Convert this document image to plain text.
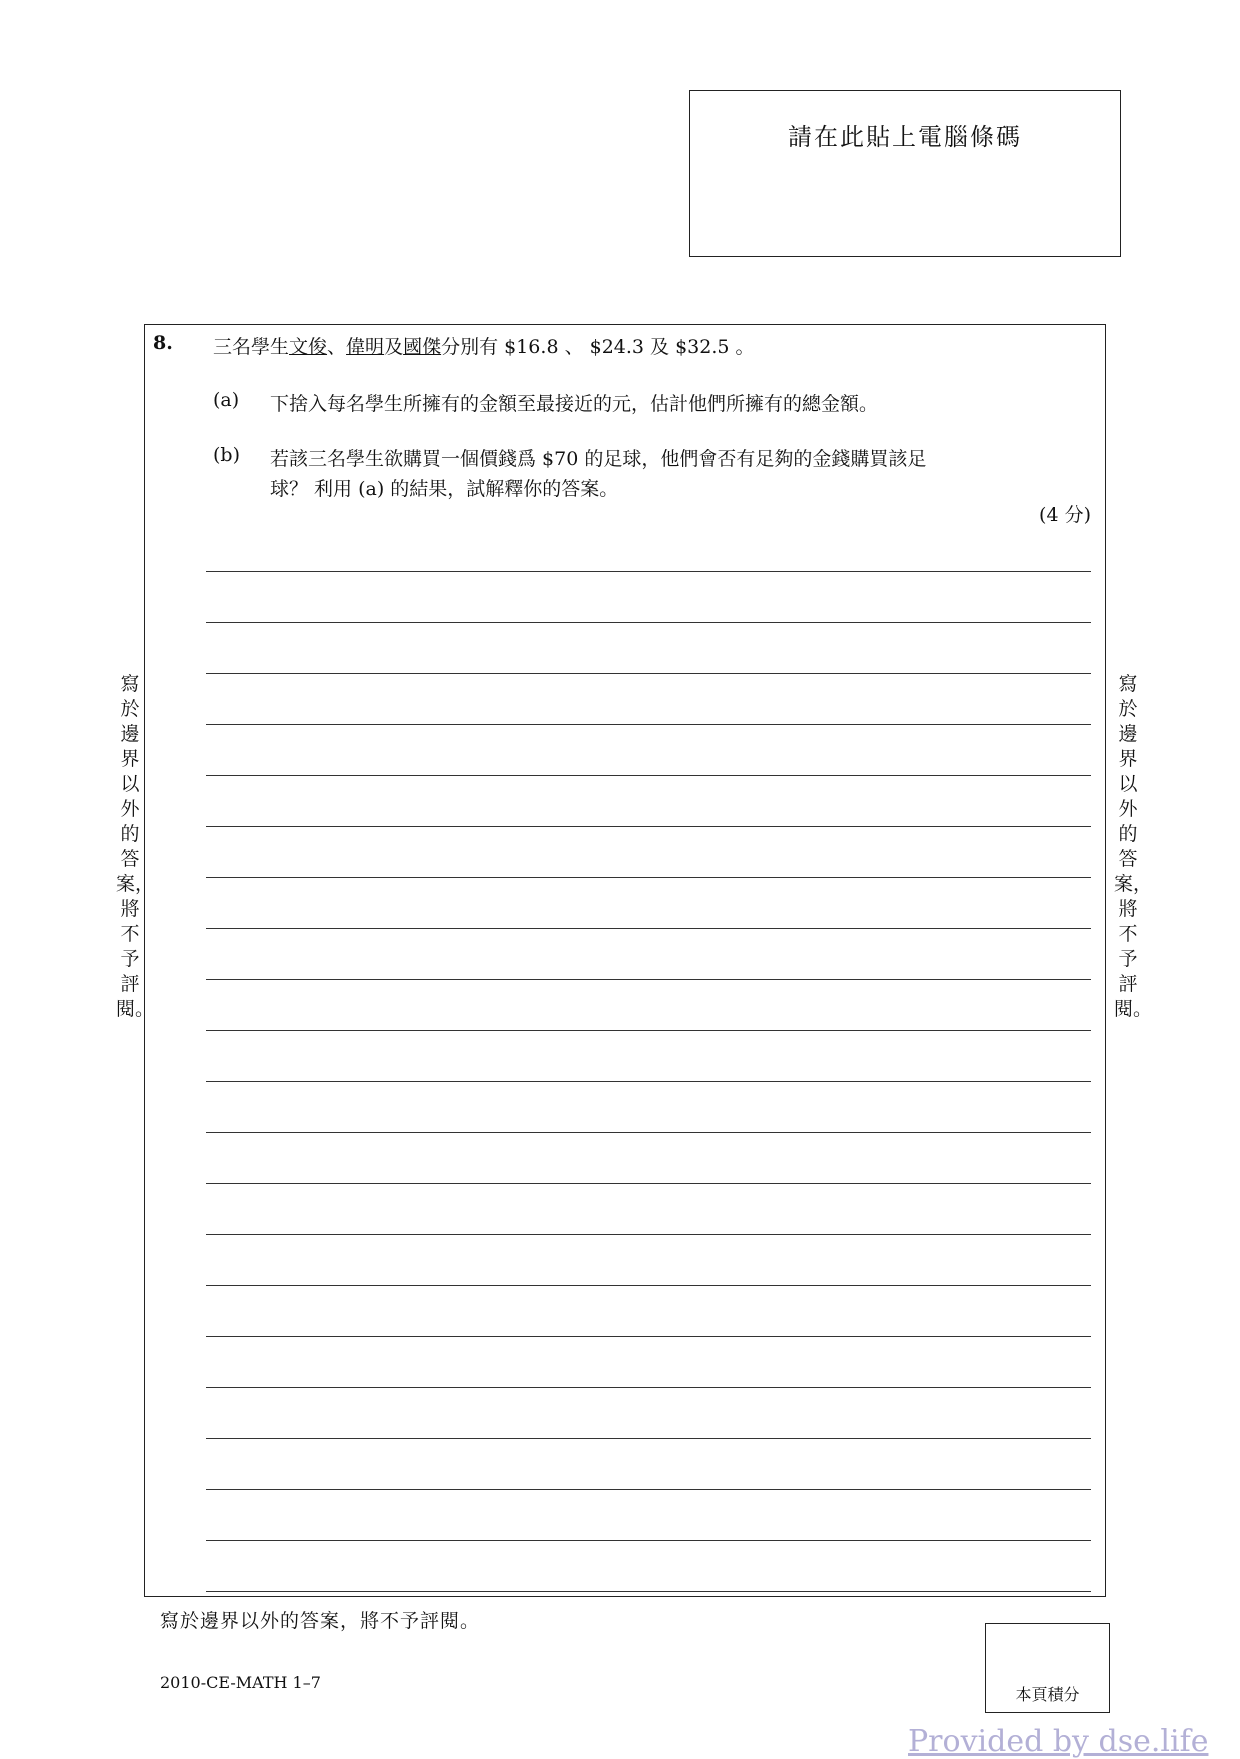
請在此貼上電腦條碼
8. 三名學生文俊、偉明及國傑分別有 $16.8 、 $24.3 及 $32.5 。
(a) 下捨入每名學生所擁有的金額至最接近的元，估計他們所擁有的總金額。
(b) 若該三名學生欲購買一個價錢爲 $70 的足球，他們會否有足夠的金錢購買該足
球？ 利用 (a) 的結果，試解釋你的答案。
(4 分)
寫於邊界以外的答案，將不予評閱。
寫於邊界以外的答案，將不予評閱。
寫於邊界以外的答案，將不予評閱。
2010-CE-MATH 1–7
本頁積分
Provided by dse.life
